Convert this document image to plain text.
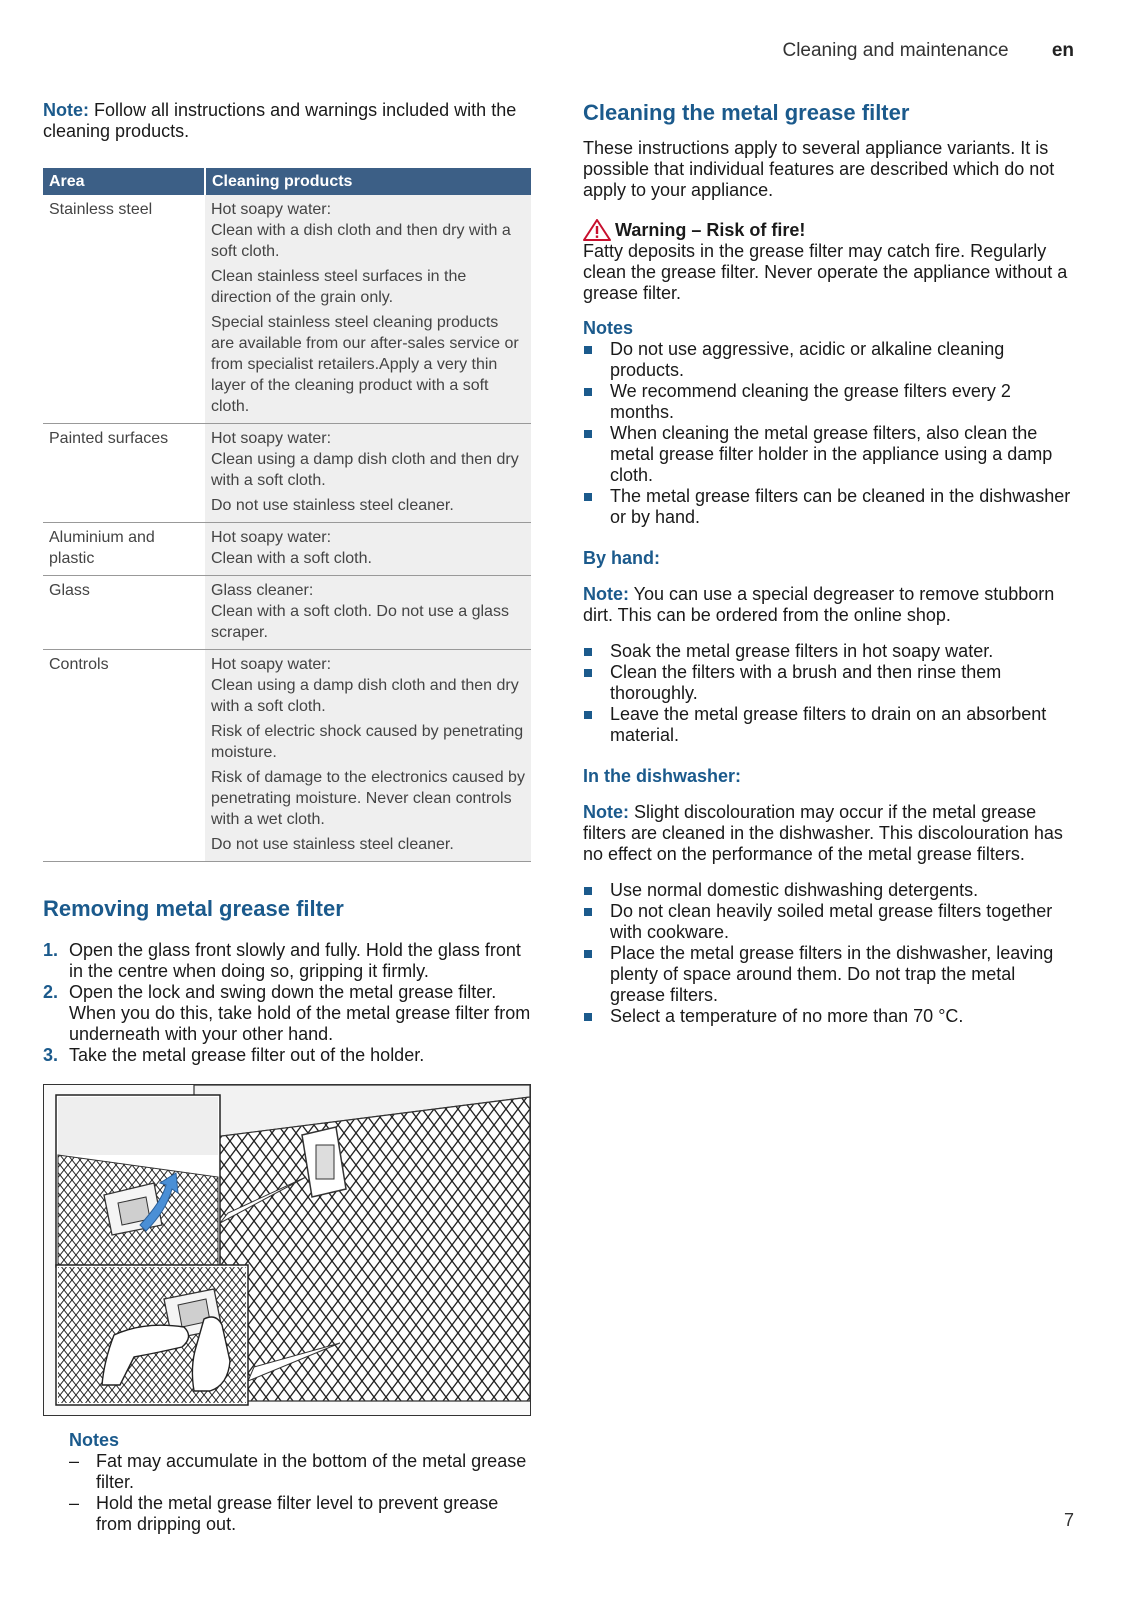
Cleaning and maintenance en

Note: Follow all instructions and warnings included with the cleaning products.

Area	Cleaning products
Stainless steel	Hot soapy water:
Clean with a dish cloth and then dry with a soft cloth.
Clean stainless steel surfaces in the direction of the grain only.
Special stainless steel cleaning products are available from our after-sales service or from specialist retailers.Apply a very thin layer of the cleaning product with a soft cloth.

Painted surfaces	Hot soapy water:
Clean using a damp dish cloth and then dry with a soft cloth.
Do not use stainless steel cleaner.

Aluminium and plastic	Hot soapy water:
Clean with a soft cloth.

Glass	Glass cleaner:
Clean with a soft cloth. Do not use a glass scraper.

Controls	Hot soapy water:
Clean using a damp dish cloth and then dry with a soft cloth.
Risk of electric shock caused by penetrating moisture.
Risk of damage to the electronics caused by penetrating moisture. Never clean controls with a wet cloth.
Do not use stainless steel cleaner.
Removing metal grease filter
1. Open the glass front slowly and fully. Hold the glass front in the centre when doing so, gripping it firmly.
2. Open the lock and swing down the metal grease filter. When you do this, take hold of the metal grease filter from underneath with your other hand.
3. Take the metal grease filter out of the holder.
Notes
– Fat may accumulate in the bottom of the metal grease filter.
– Hold the metal grease filter level to prevent grease from dripping out.
Cleaning the metal grease filter

These instructions apply to several appliance variants. It is possible that individual features are described which do not apply to your appliance.

Warning – Risk of fire!

Fatty deposits in the grease filter may catch fire. Regularly clean the grease filter. Never operate the appliance without a grease filter.

Notes
Do not use aggressive, acidic or alkaline cleaning products.
We recommend cleaning the grease filters every 2 months.
When cleaning the metal grease filters, also clean the metal grease filter holder in the appliance using a damp cloth.
The metal grease filters can be cleaned in the dishwasher or by hand.
By hand:

Note: You can use a special degreaser to remove stubborn dirt. This can be ordered from the online shop.

Soak the metal grease filters in hot soapy water.
Clean the filters with a brush and then rinse them thoroughly.
Leave the metal grease filters to drain on an absorbent material.
In the dishwasher:

Note: Slight discolouration may occur if the metal grease filters are cleaned in the dishwasher. This discolouration has no effect on the performance of the metal grease filters.

Use normal domestic dishwashing detergents.
Do not clean heavily soiled metal grease filters together with cookware.
Place the metal grease filters in the dishwasher, leaving plenty of space around them. Do not trap the metal grease filters.
Select a temperature of no more than 70 °C.
7
